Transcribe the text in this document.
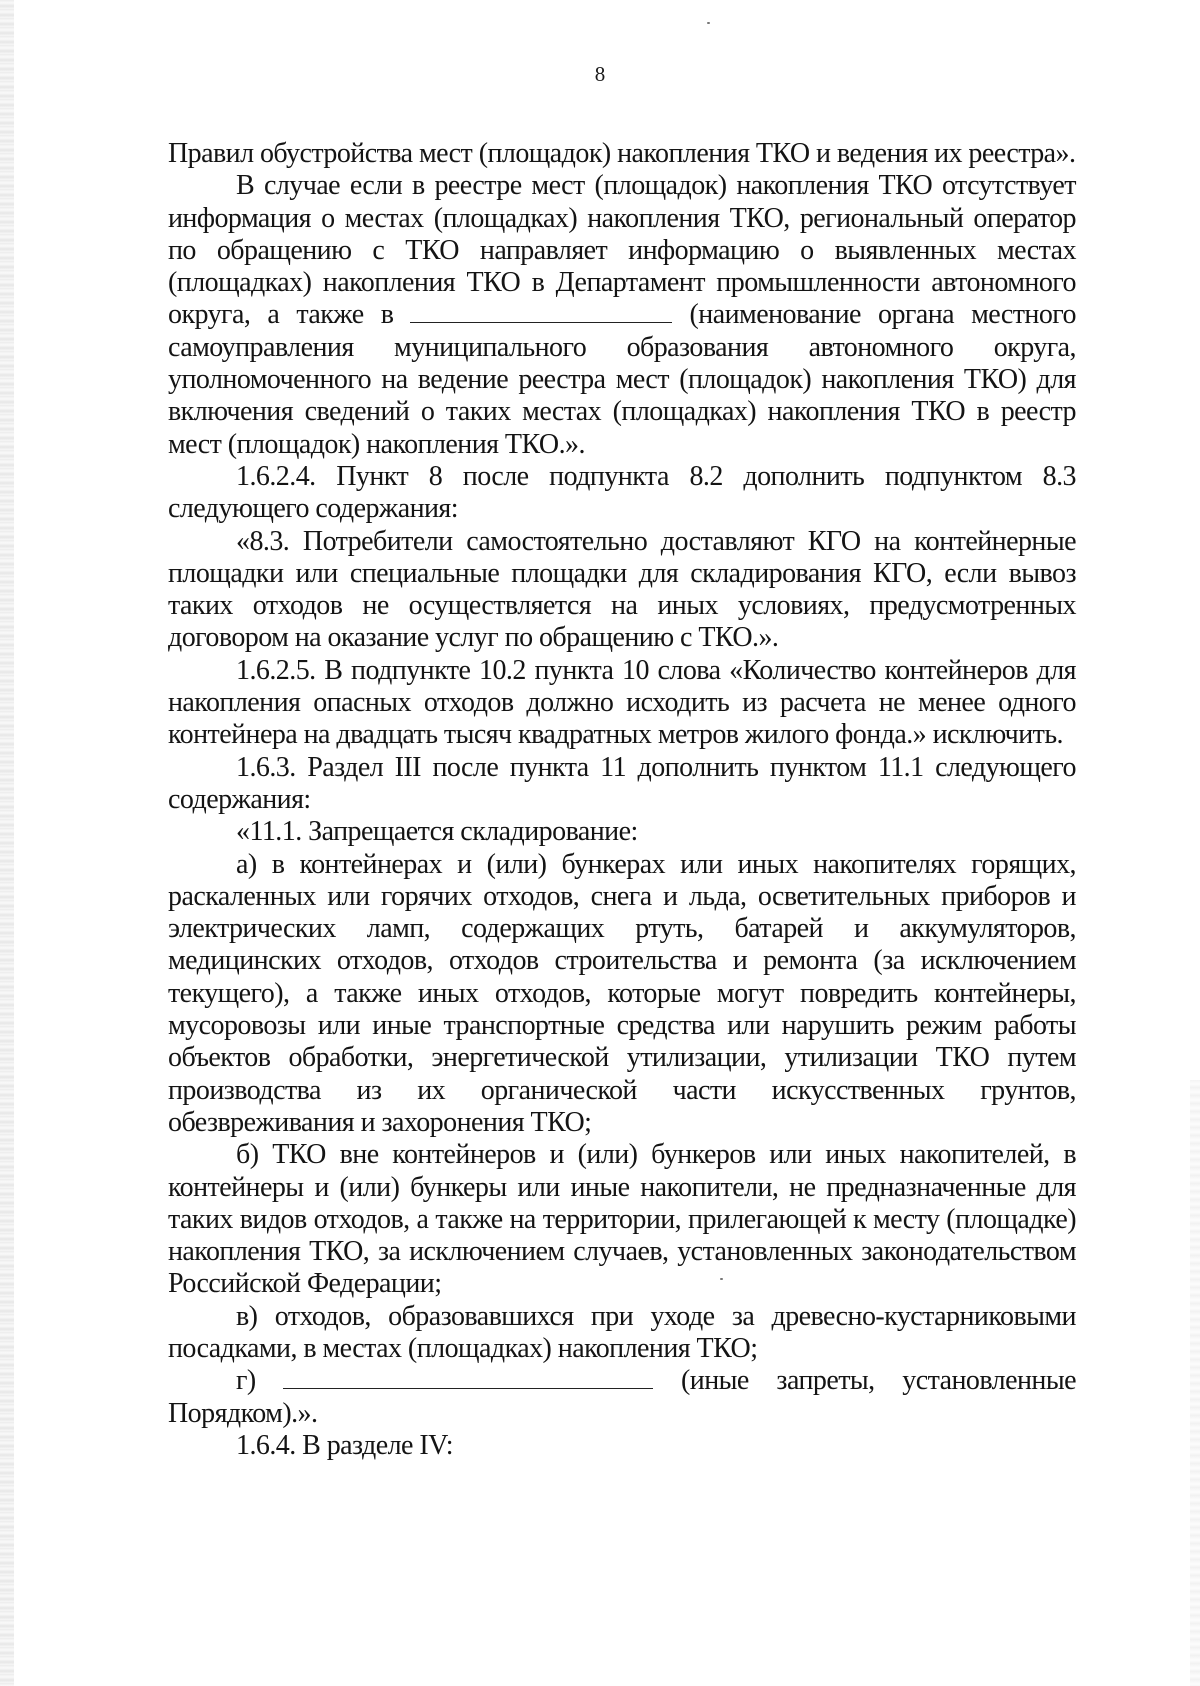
8

Правил обустройства мест (площадок) накопления ТКО и ведения их реестра».

В случае если в реестре мест (площадок) накопления ТКО отсутствует информация о местах (площадках) накопления ТКО, региональный оператор по обращению с ТКО направляет информацию о выявленных местах (площадках) накопления ТКО в Департамент промышленности автономного округа, а также в	(наименование органа местного самоуправления муниципального образования автономного округа, уполномоченного на ведение реестра мест (площадок) накопления ТКО) для включения сведений о таких местах (площадках) накопления ТКО в реестр мест (площадок) накопления ТКО.».

1.6.2.4. Пункт 8 после подпункта 8.2 дополнить подпунктом 8.3 следующего содержания:

«8.3. Потребители самостоятельно доставляют КГО на контейнерные площадки или специальные площадки для складирования КГО, если вывоз таких отходов не осуществляется на иных условиях, предусмотренных договором на оказание услуг по обращению с ТКО.».

1.6.2.5. В подпункте 10.2 пункта 10 слова «Количество контейнеров для накопления опасных отходов должно исходить из расчета не менее одного контейнера на двадцать тысяч квадратных метров жилого фонда.» исключить.

1.6.3. Раздел III после пункта 11 дополнить пунктом 11.1 следующего содержания:

«11.1. Запрещается складирование:

а) в контейнерах и (или) бункерах или иных накопителях горящих, раскаленных или горячих отходов, снега и льда, осветительных приборов и электрических ламп, содержащих ртуть, батарей и аккумуляторов, медицинских отходов, отходов строительства и ремонта (за исключением текущего), а также иных отходов, которые могут повредить контейнеры, мусоровозы или иные транспортные средства или нарушить режим работы объектов обработки, энергетической утилизации, утилизации ТКО путем производства из их органической части искусственных грунтов, обезвреживания и захоронения ТКО;

б) ТКО вне контейнеров и (или) бункеров или иных накопителей, в контейнеры и (или) бункеры или иные накопители, не предназначенные для таких видов отходов, а также на территории, прилегающей к месту (площадке) накопления ТКО, за исключением случаев, установленных законодательством Российской Федерации;

в) отходов, образовавшихся при уходе за древесно-кустарниковыми посадками, в местах (площадках) накопления ТКО;

г)	(иные запреты, установленные Порядком).».

1.6.4. В разделе IV:
